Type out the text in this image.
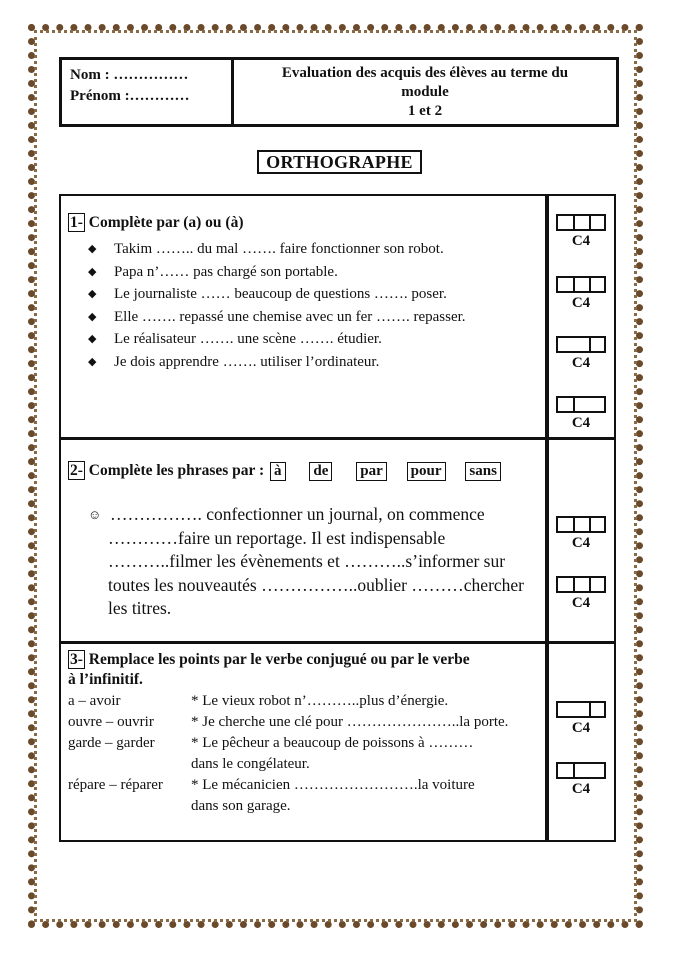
Nom : ……………
Prénom :…………
Evaluation des acquis des élèves au terme du
module
1 et 2
ORTHOGRAPHE
1- Complète par (a) ou (à)
◆	Takim …….. du mal ……. faire fonctionner son robot.
◆	Papa n’…… pas chargé son portable.
◆	Le journaliste …… beaucoup de questions ……. poser.
◆	Elle ……. repassé une chemise avec un fer ……. repasser.
◆	Le réalisateur ……. une scène ……. étudier.
◆	Je dois apprendre ……. utiliser l’ordinateur.
2- Complète les phrases par : à de par pour sans
☺ ……………. confectionner un journal, on commence
…………faire un reportage. Il est indispensable
………..filmer les évènements et ………..s’informer sur
toutes les nouveautés ……………..oublier ………chercher
les titres.
3- Remplace les points par le verbe conjugué ou par le verbe
à l’infinitif.
a – avoir	* Le vieux robot n’………..plus d’énergie.
ouvre – ouvrir	* Je cherche une clé pour …………………..la porte.
garde – garder	* Le pêcheur a beaucoup de poissons à ………
dans le congélateur.
répare – réparer	* Le mécanicien …………………….la voiture
dans son garage.
C4
C4
C4
C4
C4
C4
C4
C4
